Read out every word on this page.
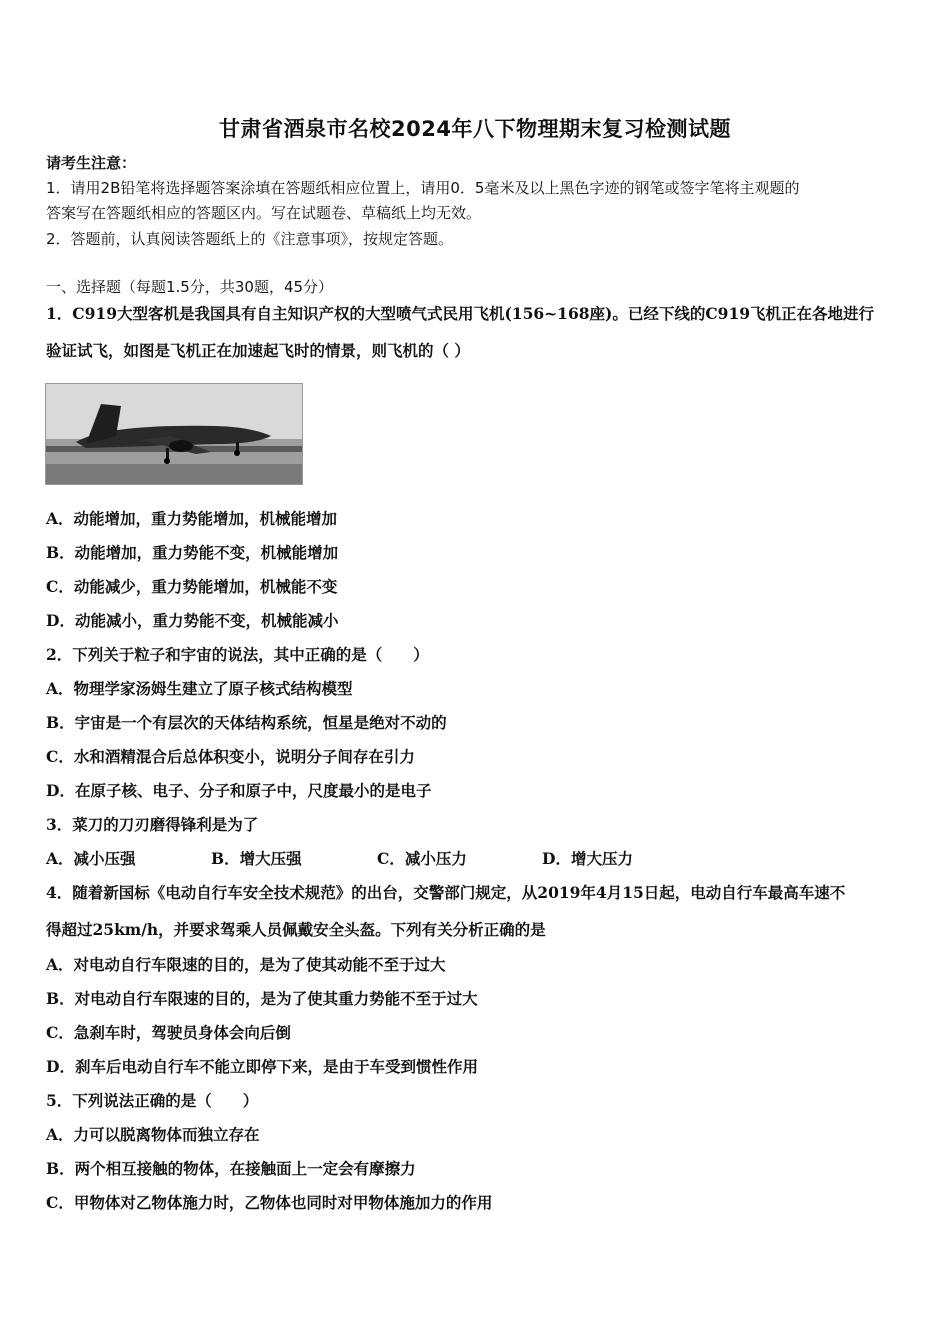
甘肃省酒泉市名校2024年八下物理期末复习检测试题
请考生注意：
1．请用2B铅笔将选择题答案涂填在答题纸相应位置上，请用0．5毫米及以上黑色字迹的钢笔或签字笔将主观题的
答案写在答题纸相应的答题区内。写在试题卷、草稿纸上均无效。
2．答题前，认真阅读答题纸上的《注意事项》，按规定答题。
一、选择题（每题1.5分，共30题，45分）
1．C919大型客机是我国具有自主知识产权的大型喷气式民用飞机(156~168座)。已经下线的C919飞机正在各地进行
验证试飞，如图是飞机正在加速起飞时的情景，则飞机的（ ）
A．动能增加，重力势能增加，机械能增加
B．动能增加，重力势能不变，机械能增加
C．动能减少，重力势能增加，机械能不变
D．动能减小，重力势能不变，机械能减小
2．下列关于粒子和宇宙的说法，其中正确的是（　　）
A．物理学家汤姆生建立了原子核式结构模型
B．宇宙是一个有层次的天体结构系统，恒星是绝对不动的
C．水和酒精混合后总体积变小，说明分子间存在引力
D．在原子核、电子、分子和原子中，尺度最小的是电子
3．菜刀的刀刃磨得锋利是为了
A．减小压强	B．增大压强	C．减小压力	D．增大压力
4．随着新国标《电动自行车安全技术规范》的出台，交警部门规定，从2019年4月15日起，电动自行车最高车速不
得超过25km/h，并要求驾乘人员佩戴安全头盔。下列有关分析正确的是
A．对电动自行车限速的目的，是为了使其动能不至于过大
B．对电动自行车限速的目的，是为了使其重力势能不至于过大
C．急刹车时，驾驶员身体会向后倒
D．刹车后电动自行车不能立即停下来，是由于车受到惯性作用
5．下列说法正确的是（　　）
A．力可以脱离物体而独立存在
B．两个相互接触的物体，在接触面上一定会有摩擦力
C．甲物体对乙物体施力时，乙物体也同时对甲物体施加力的作用
